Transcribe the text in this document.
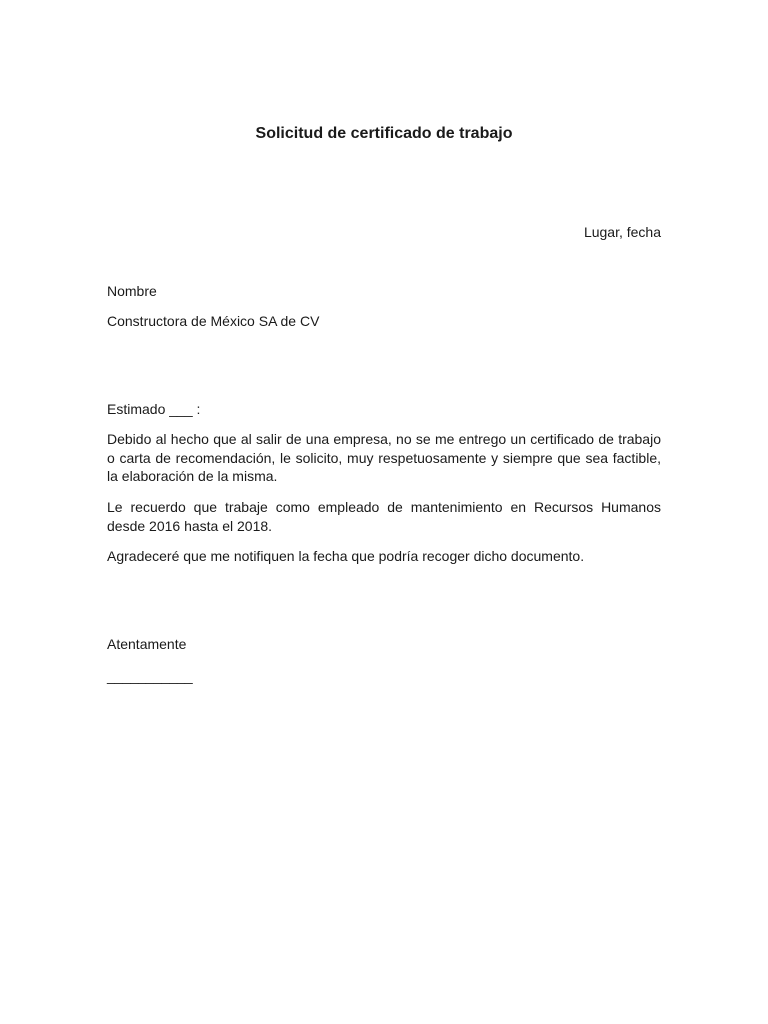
Solicitud de certificado de trabajo

Lugar, fecha

Nombre

Constructora de México SA de CV

Estimado ___ :

Debido al hecho que al salir de una empresa, no se me entrego un certificado de trabajo o carta de recomendación, le solicito, muy respetuosamente y siempre que sea factible, la elaboración de la misma.

Le recuerdo que trabaje como empleado de mantenimiento en Recursos Humanos desde 2016 hasta el 2018.

Agradeceré que me notifiquen la fecha que podría recoger dicho documento.

Atentamente

___________
